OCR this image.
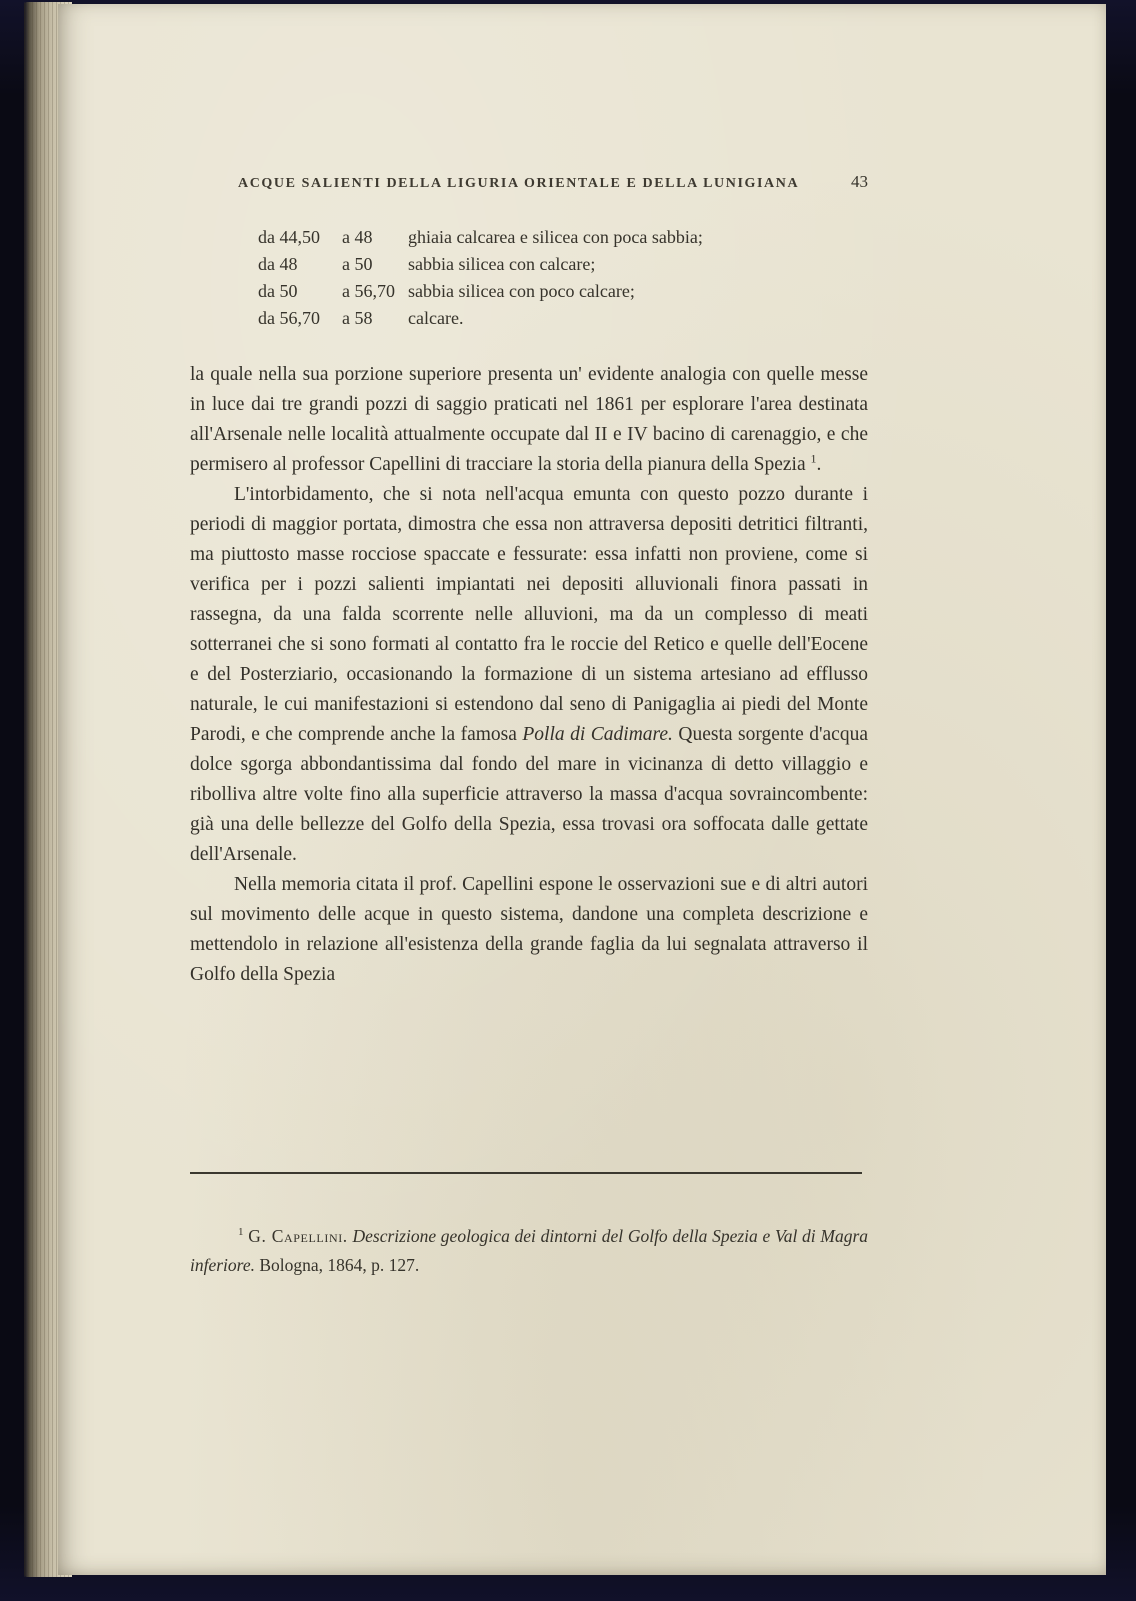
ACQUE SALIENTI DELLA LIGURIA ORIENTALE E DELLA LUNIGIANA	43
da 44,50	a 48	ghiaia calcarea e silicea con poca sabbia;
da 48	a 50	sabbia silicea con calcare;
da 50	a 56,70 sabbia silicea con poco calcare;
da 56,70	a 58	calcare.

la quale nella sua porzione superiore presenta un' evidente analogia con quelle messe in luce dai tre grandi pozzi di saggio praticati nel 1861 per esplorare l'area destinata all'Arsenale nelle località attualmente occupate dal II e IV bacino di carenaggio, e che permisero al professor Capellini di tracciare la storia della pianura della Spezia $^1$.

L'intorbidamento, che si nota nell'acqua emunta con questo pozzo durante i periodi di maggior portata, dimostra che essa non attraversa depositi detritici filtranti, ma piuttosto masse rocciose spaccate e fessurate: essa infatti non proviene, come si verifica per i pozzi salienti impiantati nei depositi alluvionali finora passati in rassegna, da una falda scorrente nelle alluvioni, ma da un complesso di meati sotterranei che si sono formati al contatto fra le roccie del Retico e quelle dell'Eocene e del Posterziario, occasionando la formazione di un sistema artesiano ad efflusso naturale, le cui manifestazioni si estendono dal seno di Panigaglia ai piedi del Monte Parodi, e che comprende anche la famosa Polla di Cadimare. Questa sorgente d'acqua dolce sgorga abbondantissima dal fondo del mare in vicinanza di detto villaggio e ribolliva altre volte fino alla superficie attraverso la massa d'acqua sovraincombente: già una delle bellezze del Golfo della Spezia, essa trovasi ora soffocata dalle gettate dell'Arsenale.

Nella memoria citata il prof. Capellini espone le osservazioni sue e di altri autori sul movimento delle acque in questo sistema, dandone una completa descrizione e mettendolo in relazione all'esistenza della grande faglia da lui segnalata attraverso il Golfo della Spezia

$^1$ G. Capellini. Descrizione geologica dei dintorni del Golfo della Spezia e Val di Magra inferiore. Bologna, 1864, p. 127.
